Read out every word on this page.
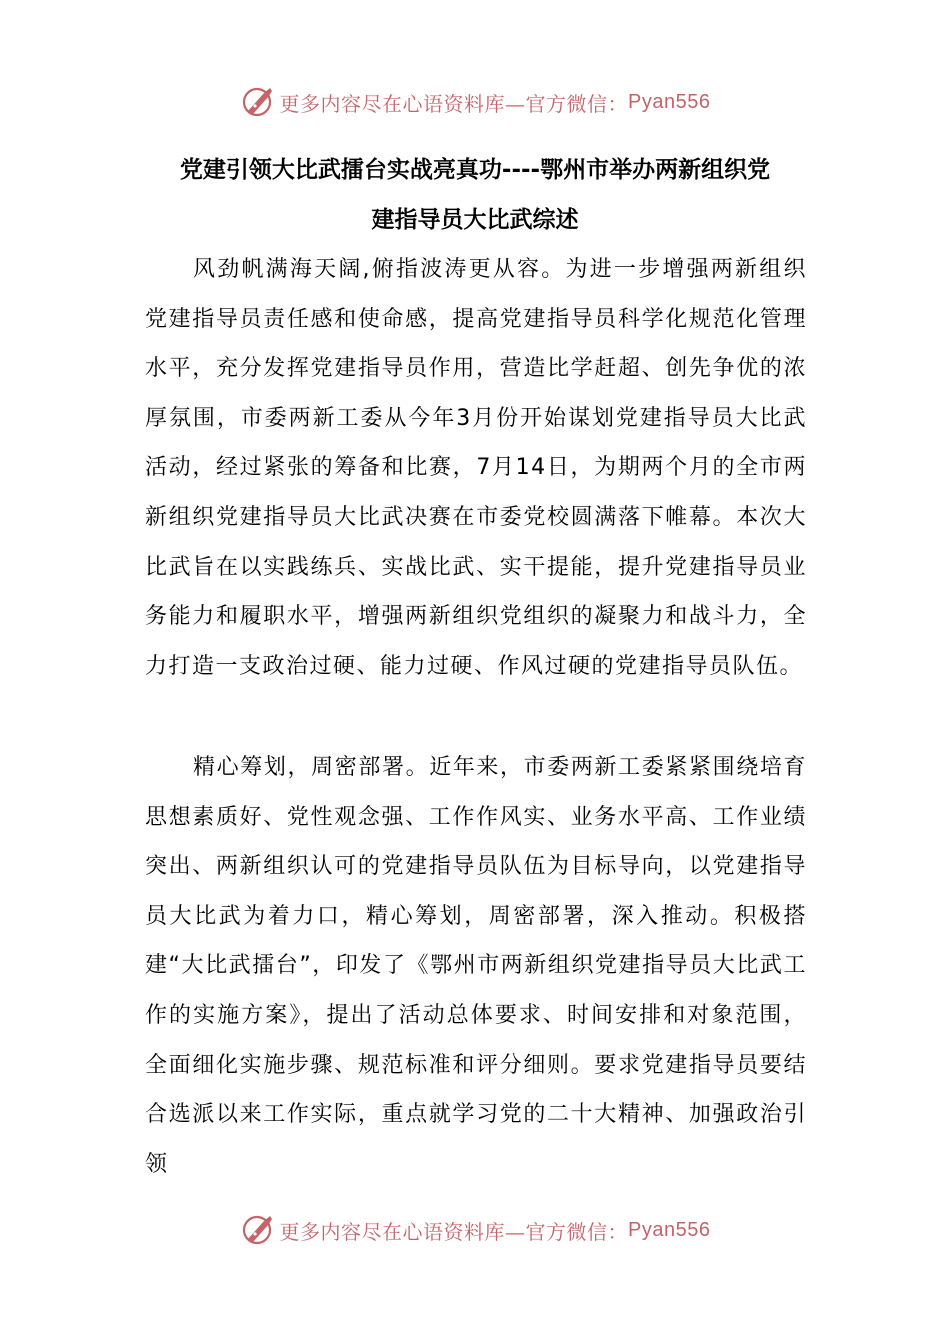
更多内容尽在心语资料库—官方微信： Pyan556
党建引领大比武擂台实战亮真功----鄂州市举办两新组织党
建指导员大比武综述

风劲帆满海天阔,俯指波涛更从容。为进一步增强两新组织党建指导员责任感和使命感，提高党建指导员科学化规范化管理水平，充分发挥党建指导员作用，营造比学赶超、创先争优的浓厚氛围，市委两新工委从今年3月份开始谋划党建指导员大比武活动，经过紧张的筹备和比赛，7月14日，为期两个月的全市两新组织党建指导员大比武决赛在市委党校圆满落下帷幕。本次大比武旨在以实践练兵、实战比武、实干提能，提升党建指导员业务能力和履职水平，增强两新组织党组织的凝聚力和战斗力，全力打造一支政治过硬、能力过硬、作风过硬的党建指导员队伍。

精心筹划，周密部署。近年来，市委两新工委紧紧围绕培育思想素质好、党性观念强、工作作风实、业务水平高、工作业绩突出、两新组织认可的党建指导员队伍为目标导向，以党建指导员大比武为着力口，精心筹划，周密部署，深入推动。积极搭建“大比武擂台”，印发了《鄂州市两新组织党建指导员大比武工作的实施方案》，提出了活动总体要求、时间安排和对象范围，全面细化实施步骤、规范标准和评分细则。要求党建指导员要结合选派以来工作实际，重点就学习党的二十大精神、加强政治引领

更多内容尽在心语资料库—官方微信： Pyan556
